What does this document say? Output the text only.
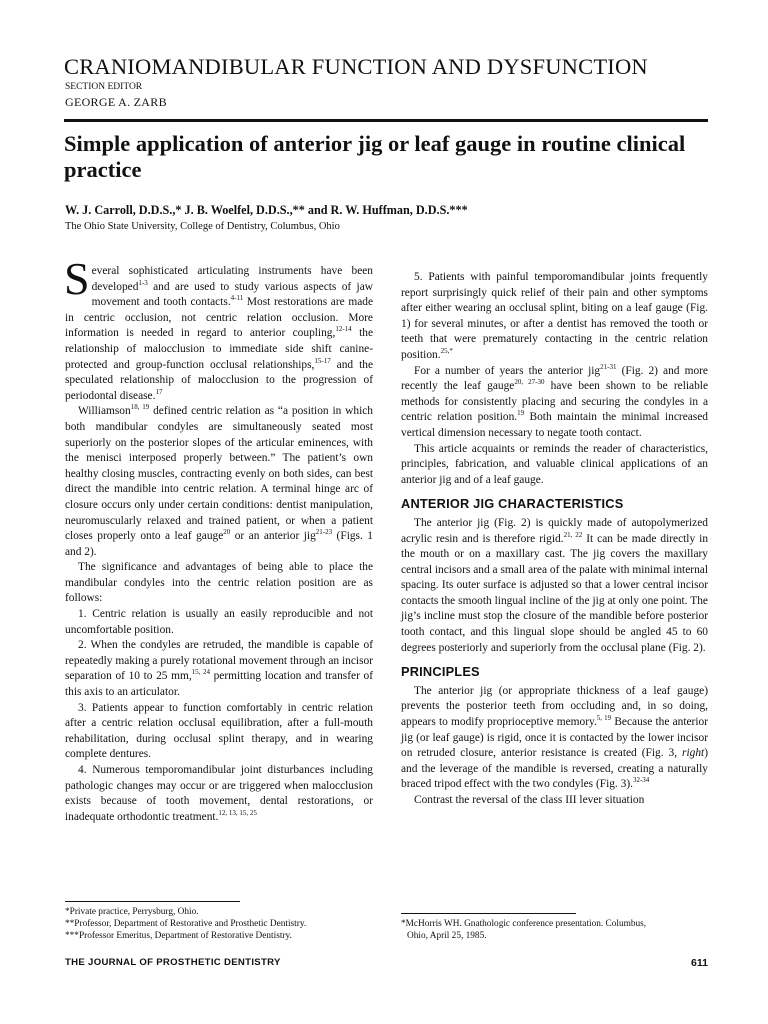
CRANIOMANDIBULAR FUNCTION AND DYSFUNCTION
SECTION EDITOR
GEORGE A. ZARB
Simple application of anterior jig or leaf gauge in routine clinical practice
W. J. Carroll, D.D.S.,* J. B. Woelfel, D.D.S.,** and R. W. Huffman, D.D.S.***
The Ohio State University, College of Dentistry, Columbus, Ohio

Several sophisticated articulating instruments have been developed$^{1-3}$ and are used to study various aspects of jaw movement and tooth contacts.$^{4-11}$ Most restorations are made in centric occlusion, not centric relation occlusion. More information is needed in regard to anterior coupling,$^{12-14}$ the relationship of malocclusion to immediate side shift canine-protected and group-function occlusal relationships,$^{15-17}$ and the speculated relationship of malocclusion to the progression of periodontal disease.$^{17}$

Williamson$^{18, 19}$ defined centric relation as “a position in which both mandibular condyles are simultaneously seated most superiorly on the posterior slopes of the articular eminences, with the menisci interposed properly between.” The patient’s own healthy closing muscles, contracting evenly on both sides, can best direct the mandible into centric relation. A terminal hinge arc of closure occurs only under certain conditions: dentist manipulation, neuromuscularly relaxed and trained patient, or when a patient closes properly onto a leaf gauge$^{20}$ or an anterior jig$^{21-23}$ (Figs. 1 and 2).

The significance and advantages of being able to place the mandibular condyles into the centric relation position are as follows:

1. Centric relation is usually an easily reproducible and not uncomfortable position.

2. When the condyles are retruded, the mandible is capable of repeatedly making a purely rotational movement through an incisor separation of 10 to 25 mm,$^{15, 24}$ permitting location and transfer of this axis to an articulator.

3. Patients appear to function comfortably in centric relation after a centric relation occlusal equilibration, after a full-mouth rehabilitation, during occlusal splint therapy, and in wearing complete dentures.

4. Numerous temporomandibular joint disturbances including pathologic changes may occur or are triggered when malocclusion exists because of tooth movement, dental restorations, or inadequate orthodontic treatment.$^{12, 13, 15, 25}$

5. Patients with painful temporomandibular joints frequently report surprisingly quick relief of their pain and other symptoms after either wearing an occlusal splint, biting on a leaf gauge (Fig. 1) for several minutes, or after a dentist has removed the tooth or teeth that were prematurely contacting in the centric relation position.$^{25,*}$

For a number of years the anterior jig$^{21-31}$ (Fig. 2) and more recently the leaf gauge$^{20, 27-30}$ have been shown to be reliable methods for consistently placing and securing the condyles in a centric relation position.$^{19}$ Both maintain the minimal increased vertical dimension necessary to negate tooth contact.

This article acquaints or reminds the reader of characteristics, principles, fabrication, and valuable clinical applications of an anterior jig and of a leaf gauge.

ANTERIOR JIG CHARACTERISTICS

The anterior jig (Fig. 2) is quickly made of autopolymerized acrylic resin and is therefore rigid.$^{21, 22}$ It can be made directly in the mouth or on a maxillary cast. The jig covers the maxillary central incisors and a small area of the palate with minimal internal spacing. Its outer surface is adjusted so that a lower central incisor contacts the smooth lingual incline of the jig at only one point. The jig’s incline must stop the closure of the mandible before posterior tooth contact, and this lingual slope should be angled 45 to 60 degrees posteriorly and superiorly from the occlusal plane (Fig. 2).

PRINCIPLES

The anterior jig (or appropriate thickness of a leaf gauge) prevents the posterior teeth from occluding and, in so doing, appears to modify proprioceptive memory.$^{5, 19}$ Because the anterior jig (or leaf gauge) is rigid, once it is contacted by the lower incisor on retruded closure, anterior resistance is created (Fig. 3, right) and the leverage of the mandible is reversed, creating a naturally braced tripod effect with the two condyles (Fig. 3).$^{32-34}$

Contrast the reversal of the class III lever situation

*Private practice, Perrysburg, Ohio.
**Professor, Department of Restorative and Prosthetic Dentistry.
***Professor Emeritus, Department of Restorative Dentistry.
*McHorris WH. Gnathologic conference presentation. Columbus,
Ohio, April 25, 1985.
THE JOURNAL OF PROSTHETIC DENTISTRY	611
